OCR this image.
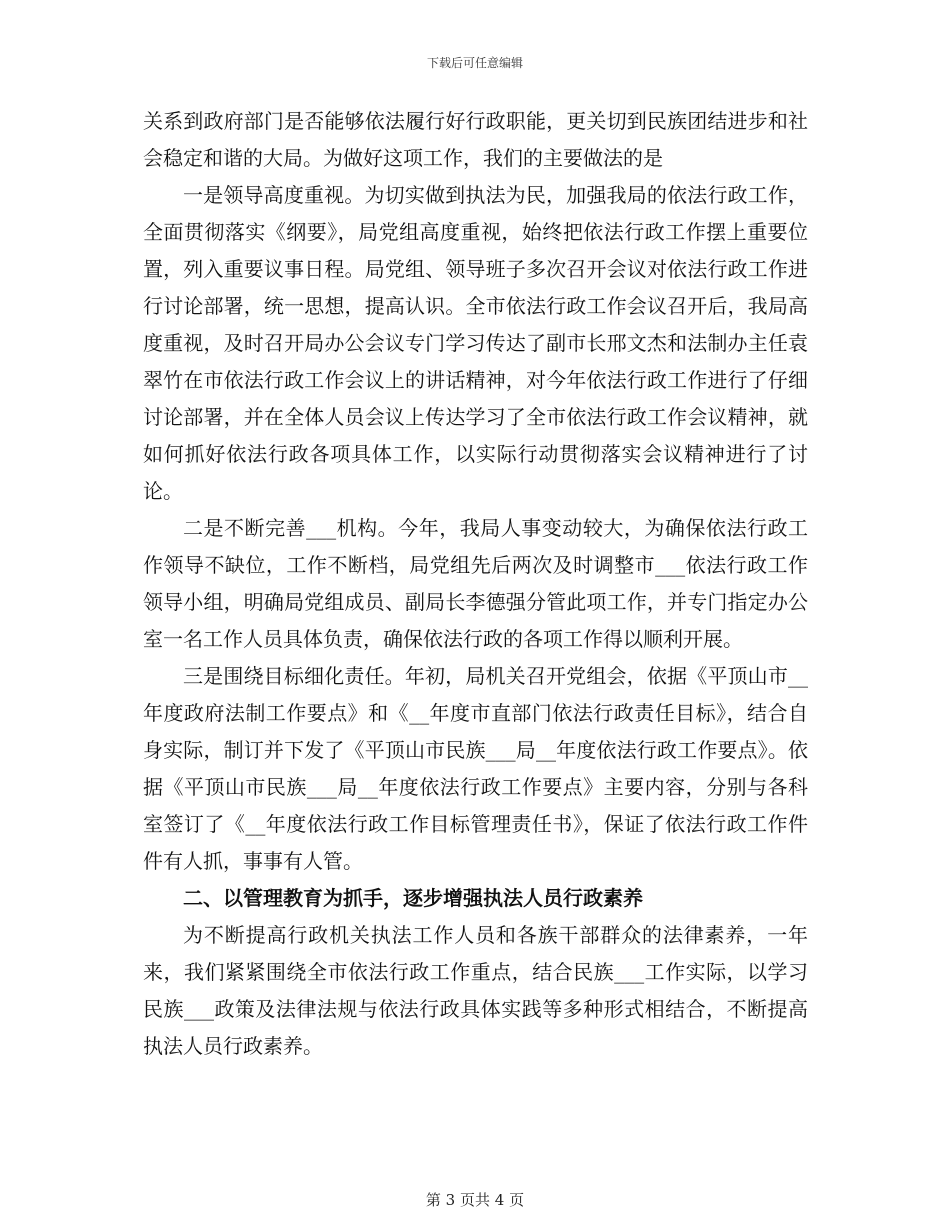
下载后可任意编辑

关系到政府部门是否能够依法履行好行政职能，更关切到民族团结进步和社会稳定和谐的大局。为做好这项工作，我们的主要做法的是

一是领导高度重视。为切实做到执法为民，加强我局的依法行政工作，全面贯彻落实《纲要》，局党组高度重视，始终把依法行政工作摆上重要位置，列入重要议事日程。局党组、领导班子多次召开会议对依法行政工作进行讨论部署，统一思想，提高认识。全市依法行政工作会议召开后，我局高度重视，及时召开局办公会议专门学习传达了副市长邢文杰和法制办主任袁翠竹在市依法行政工作会议上的讲话精神，对今年依法行政工作进行了仔细讨论部署，并在全体人员会议上传达学习了全市依法行政工作会议精神，就如何抓好依法行政各项具体工作，以实际行动贯彻落实会议精神进行了讨论。

二是不断完善___机构。今年，我局人事变动较大，为确保依法行政工作领导不缺位，工作不断档，局党组先后两次及时调整市___依法行政工作领导小组，明确局党组成员、副局长李德强分管此项工作，并专门指定办公室一名工作人员具体负责，确保依法行政的各项工作得以顺利开展。

三是围绕目标细化责任。年初，局机关召开党组会，依据《平顶山市__年度政府法制工作要点》和《__年度市直部门依法行政责任目标》，结合自身实际，制订并下发了《平顶山市民族___局__年度依法行政工作要点》。依据《平顶山市民族___局__年度依法行政工作要点》主要内容，分别与各科室签订了《__年度依法行政工作目标管理责任书》，保证了依法行政工作件件有人抓，事事有人管。

二、以管理教育为抓手，逐步增强执法人员行政素养

为不断提高行政机关执法工作人员和各族干部群众的法律素养，一年来，我们紧紧围绕全市依法行政工作重点，结合民族___工作实际，以学习民族___政策及法律法规与依法行政具体实践等多种形式相结合，不断提高执法人员行政素养。

第 3 页共 4 页
